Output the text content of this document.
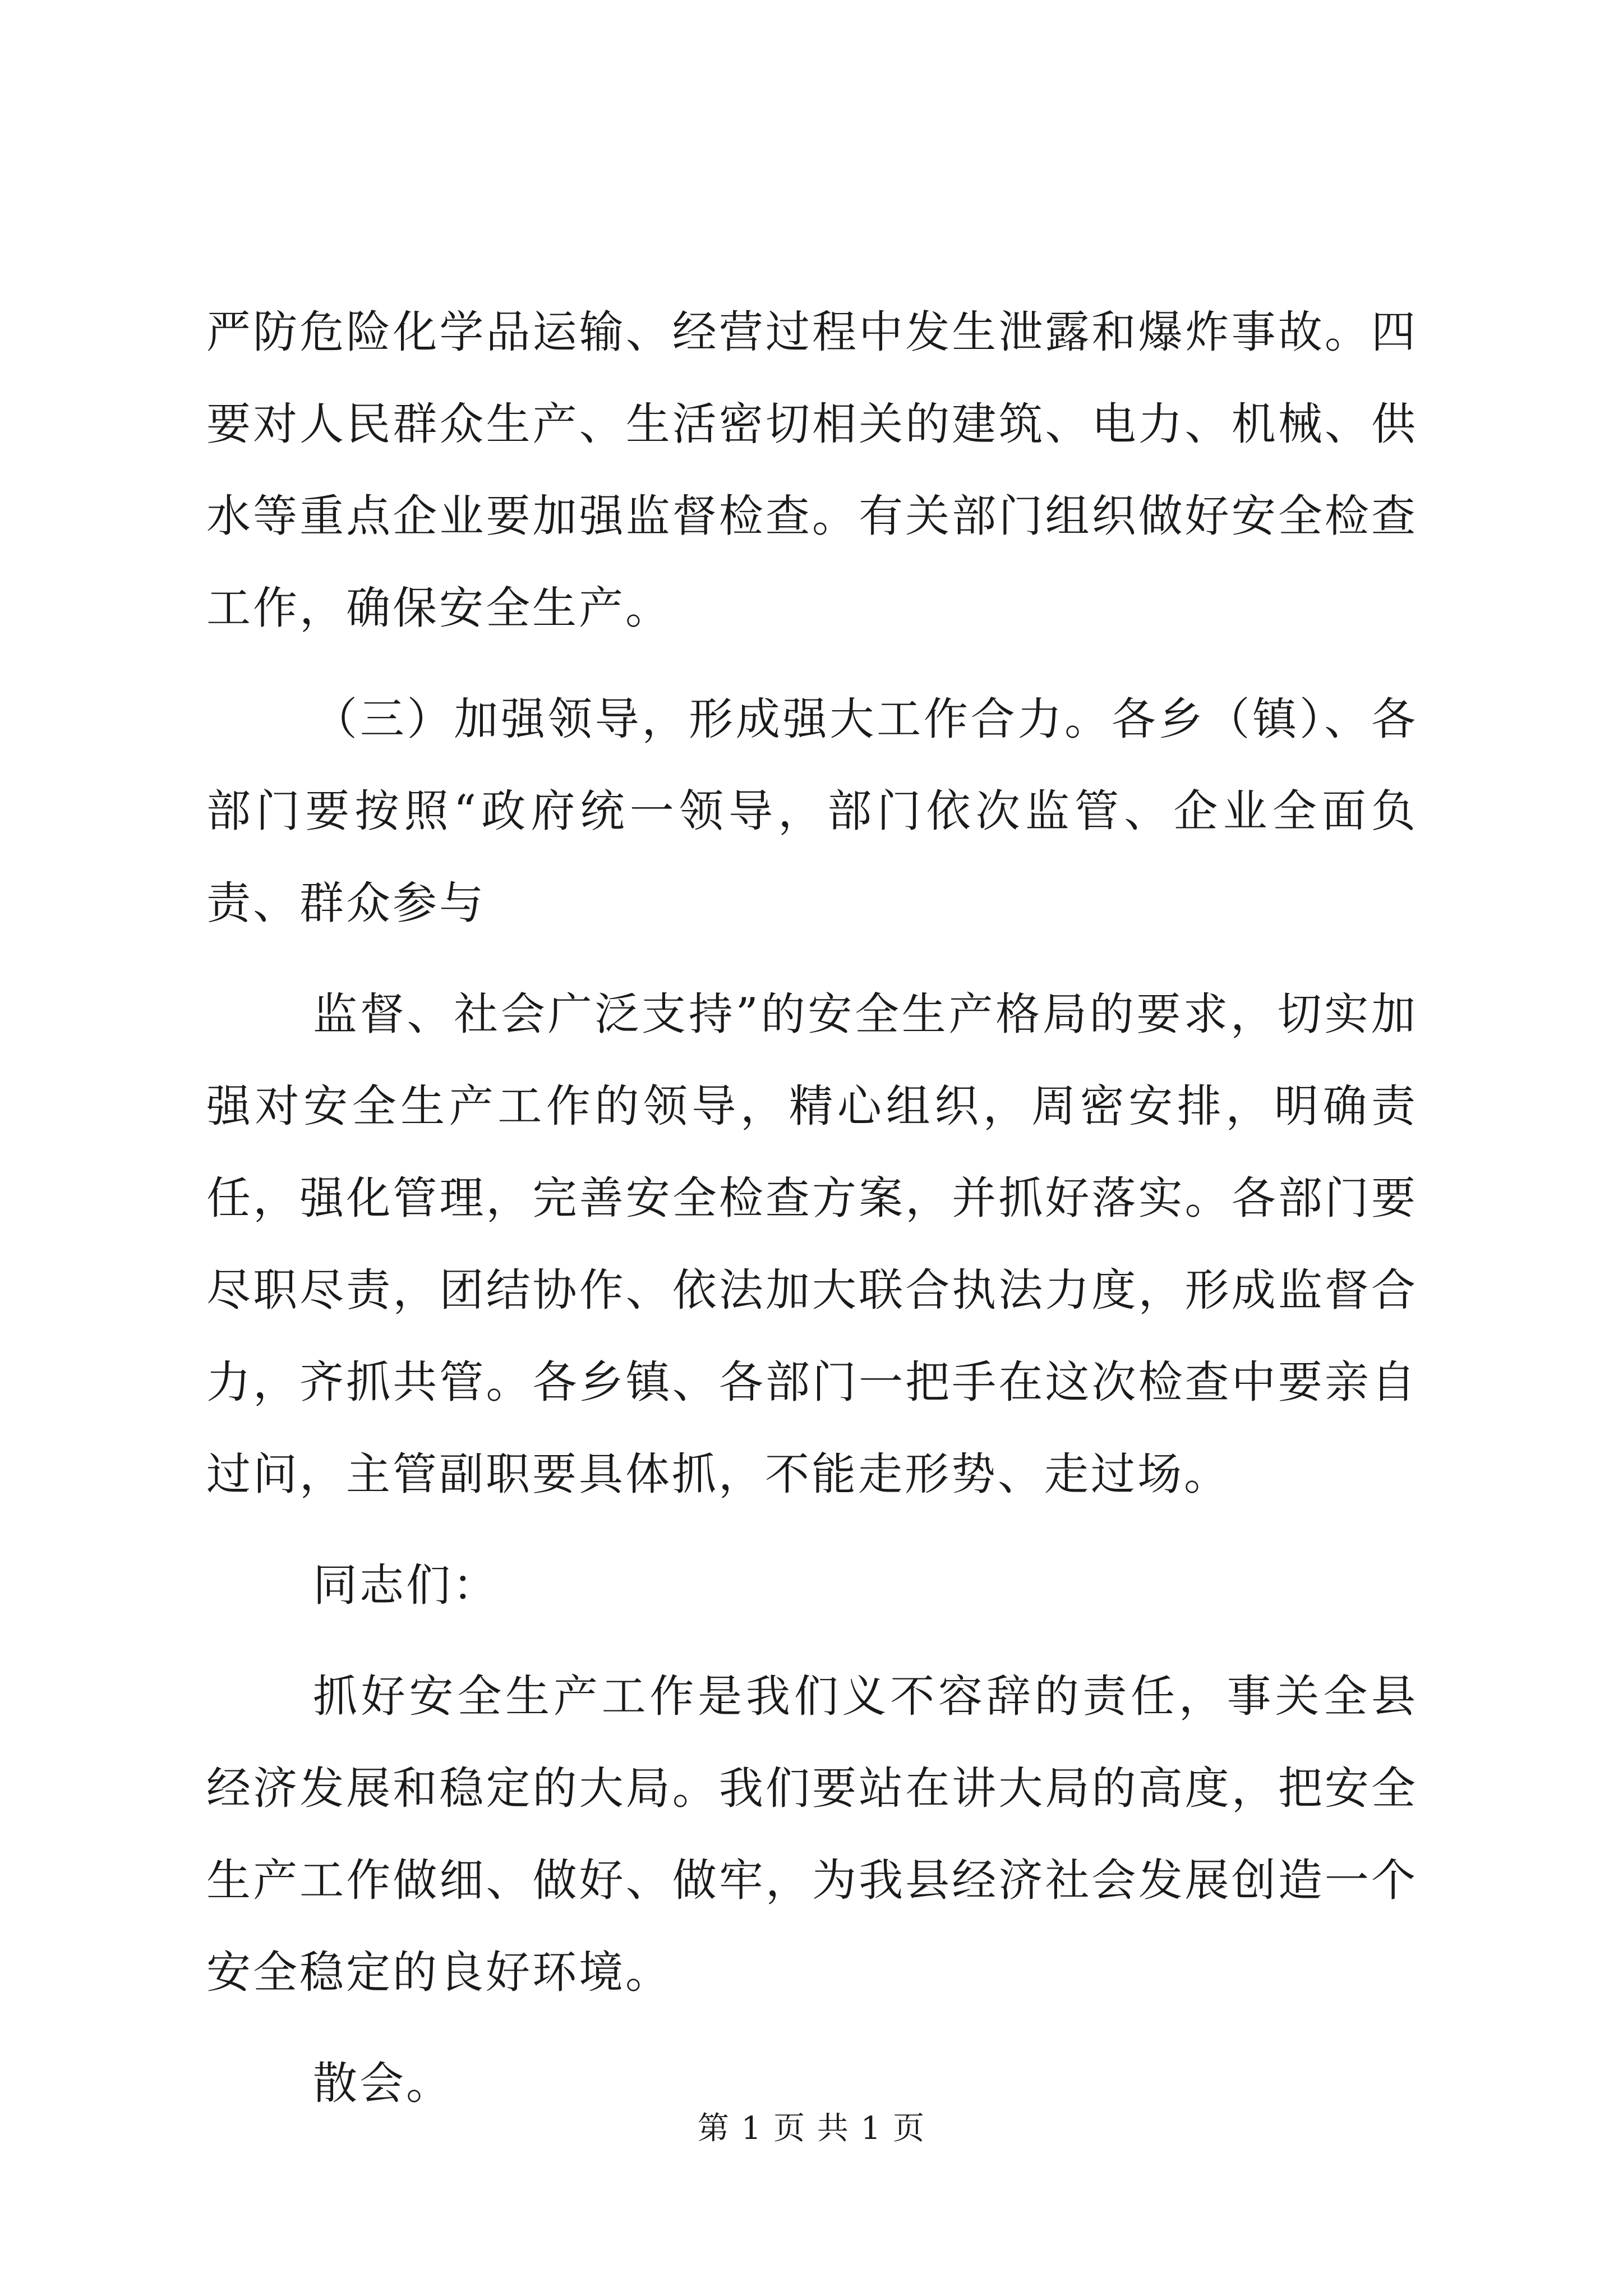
严防危险化学品运输、经营过程中发生泄露和爆炸事故。四要对人民群众生产、生活密切相关的建筑、电力、机械、供水等重点企业要加强监督检查。有关部门组织做好安全检查工作，确保安全生产。

（三）加强领导，形成强大工作合力。各乡（镇）、各部门要按照“政府统一领导，部门依次监管、企业全面负责、群众参与

监督、社会广泛支持”的安全生产格局的要求，切实加强对安全生产工作的领导，精心组织，周密安排，明确责任，强化管理，完善安全检查方案，并抓好落实。各部门要尽职尽责，团结协作、依法加大联合执法力度，形成监督合力，齐抓共管。各乡镇、各部门一把手在这次检查中要亲自过问，主管副职要具体抓，不能走形势、走过场。

同志们：

抓好安全生产工作是我们义不容辞的责任，事关全县经济发展和稳定的大局。我们要站在讲大局的高度，把安全生产工作做细、做好、做牢，为我县经济社会发展创造一个安全稳定的良好环境。

散会。

第 1 页 共 1 页
